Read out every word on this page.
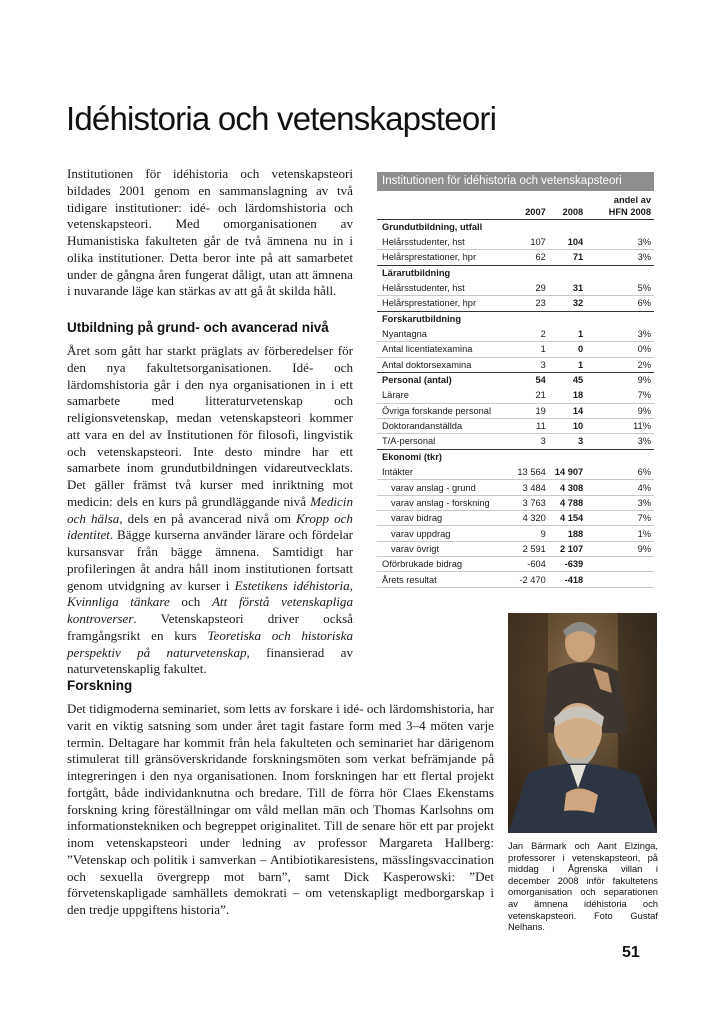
Idéhistoria och vetenskapsteori

Institutionen för idéhistoria och vetenskapsteori bildades 2001 genom en sammanslagning av två tidigare institutioner: idé- och lärdomshistoria och vetenskapsteori. Med omorganisationen av Humanistiska fakulteten går de två ämnena nu in i olika institutioner. Detta beror inte på att samarbetet under de gångna åren fungerat dåligt, utan att ämnena i nuvarande läge kan stärkas av att gå åt skilda håll.

Utbildning på grund- och avancerad nivå

Året som gått har starkt präglats av förberedelser för den nya fakultetsorganisationen. Idé- och lärdomshistoria går i den nya organisationen in i ett samarbete med litteraturvetenskap och religionsvetenskap, medan vetenskapsteori kommer att vara en del av Institutionen för filosofi, lingvistik och vetenskapsteori. Inte desto mindre har ett samarbete inom grundutbildningen vidareutvecklats. Det gäller främst två kurser med inriktning mot medicin: dels en kurs på grundläggande nivå Medicin och hälsa, dels en på avancerad nivå om Kropp och identitet. Bägge kurserna använder lärare och fördelar kursansvar från bägge ämnena. Samtidigt har profileringen åt andra håll inom institutionen fortsatt genom utvidgning av kurser i Estetikens idéhistoria, Kvinnliga tänkare och Att förstå vetenskapliga kontroverser. Vetenskapsteori driver också framgångsrikt en kurs Teoretiska och historiska perspektiv på naturvetenskap, finansierad av naturvetenskaplig fakultet.

Forskning

Det tidigmoderna seminariet, som letts av forskare i idé- och lärdomshistoria, har varit en viktig satsning som under året tagit fastare form med 3–4 möten varje termin. Deltagare har kommit från hela fakulteten och seminariet har därigenom stimulerat till gränsöverskridande forskningsmöten som verkat befrämjande på integreringen i den nya organisationen. Inom forskningen har ett flertal projekt fortgått, både individanknutna och bredare. Till de förra hör Claes Ekenstams forskning kring föreställningar om våld mellan män och Thomas Karlsohns om informationstekniken och begreppet originalitet. Till de senare hör ett par projekt inom vetenskapsteori under ledning av professor Margareta Hallberg: ”Vetenskap och politik i samverkan – Antibiotikaresistens, mässlingsvaccination och sexuella övergrepp mot barn”, samt Dick Kasperowski: ”Det förvetenskapligade samhällets demokrati – om vetenskapligt medborgarskap i den tredje uppgiftens historia”.

Institutionen för idéhistoria och vetenskapsteori
			andel av
	2007	2008	HFN 2008
Grundutbildning, utfall			
Helårsstudenter, hst	107	104	3%
Helårsprestationer, hpr	62	71	3%
Lärarutbildning			
Helårsstudenter, hst	29	31	5%
Helårsprestationer, hpr	23	32	6%
Forskarutbildning			
Nyantagna	2	1	3%
Antal licentiatexamina	1	0	0%
Antal doktorsexamina	3	1	2%
Personal (antal)	54	45	9%
Lärare	21	18	7%
Övriga forskande personal	19	14	9%
Doktorandanställda	11	10	11%
T/A-personal	3	3	3%
Ekonomi (tkr)			
Intäkter	13 564	14 907	6%
varav anslag - grund	3 484	4 308	4%
varav anslag - forskning	3 763	4 788	3%
varav bidrag	4 320	4 154	7%
varav uppdrag	9	188	1%
varav övrigt	2 591	2 107	9%
Oförbrukade bidrag	-604	-639	
Årets resultat	-2 470	-418	
Jan Bärmark och Aant Elzinga, professorer i vetenskapsteori, på middag i Ågrenska villan i december 2008 inför fakultetens omorganisation och separationen av ämnena idéhistoria och vetenskapsteori. Foto Gustaf Nelhans.
51
